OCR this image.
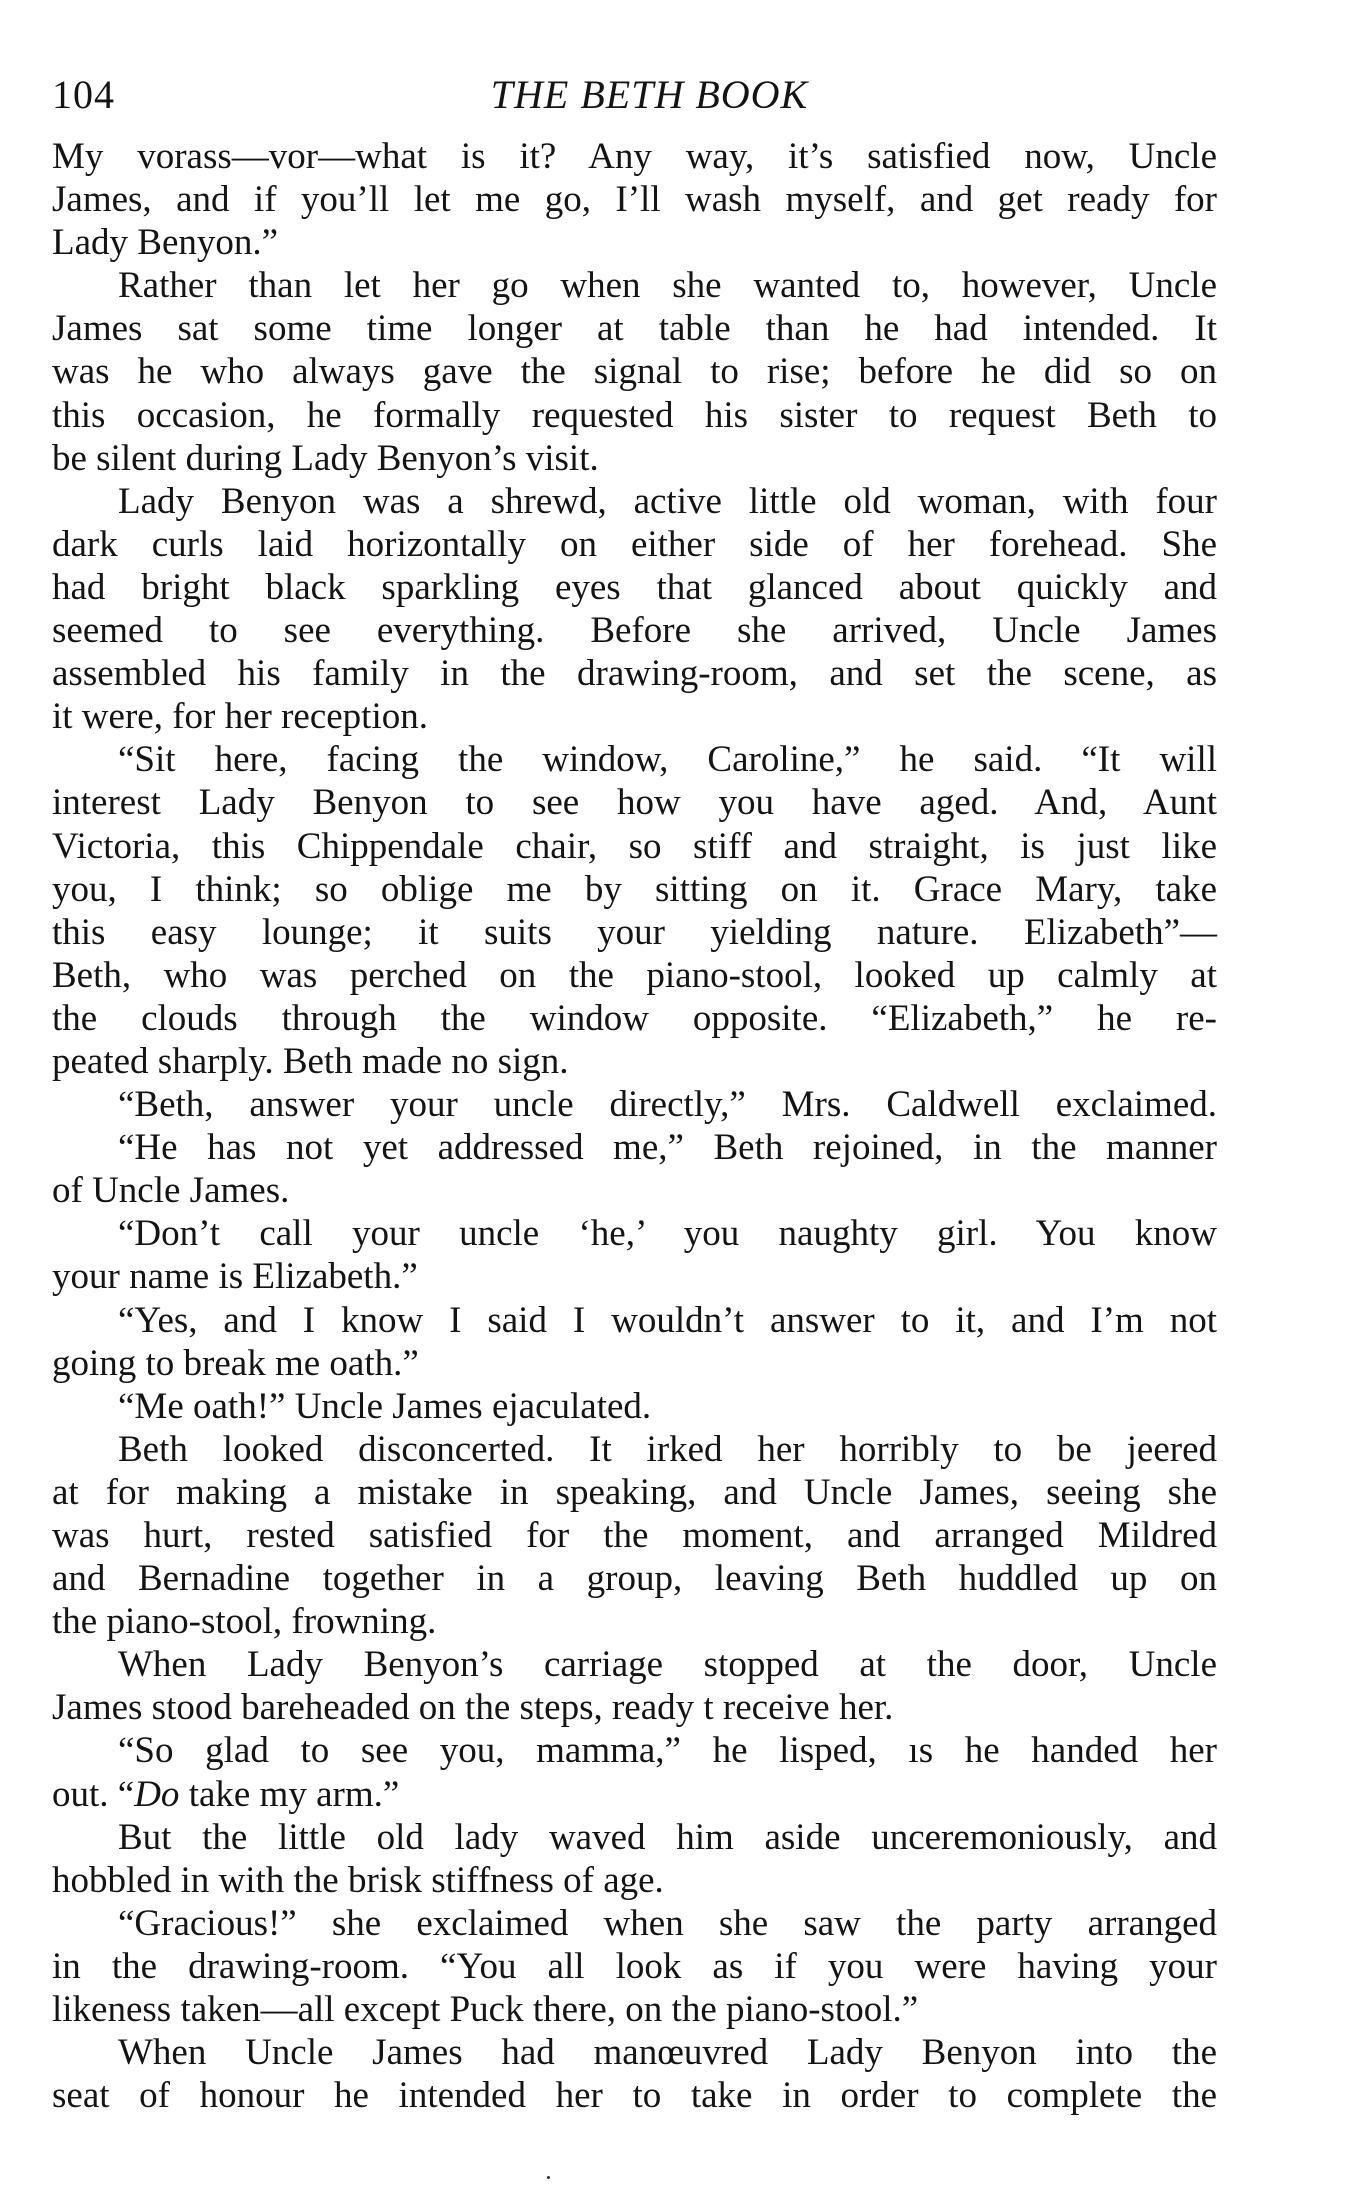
104	THE BETH BOOK
My vorass—vor—what is it? Any way, it’s satisfied now, Uncle
James, and if you’ll let me go, I’ll wash myself, and get ready for
Lady Benyon.”
Rather than let her go when she wanted to, however, Uncle
James sat some time longer at table than he had intended. It
was he who always gave the signal to rise; before he did so on
this occasion, he formally requested his sister to request Beth to
be silent during Lady Benyon’s visit.
Lady Benyon was a shrewd, active little old woman, with four
dark curls laid horizontally on either side of her forehead. She
had bright black sparkling eyes that glanced about quickly and
seemed to see everything. Before she arrived, Uncle James
assembled his family in the drawing-room, and set the scene, as
it were, for her reception.
“Sit here, facing the window, Caroline,” he said. “It will
interest Lady Benyon to see how you have aged. And, Aunt
Victoria, this Chippendale chair, so stiff and straight, is just like
you, I think; so oblige me by sitting on it. Grace Mary, take
this easy lounge; it suits your yielding nature. Elizabeth”—
Beth, who was perched on the piano-stool, looked up calmly at
the clouds through the window opposite. “Elizabeth,” he re-
peated sharply. Beth made no sign.
“Beth, answer your uncle directly,” Mrs. Caldwell exclaimed.
“He has not yet addressed me,” Beth rejoined, in the manner
of Uncle James.
“Don’t call your uncle ‘he,’ you naughty girl. You know
your name is Elizabeth.”
“Yes, and I know I said I wouldn’t answer to it, and I’m not
going to break me oath.”
“Me oath!” Uncle James ejaculated.
Beth looked disconcerted. It irked her horribly to be jeered
at for making a mistake in speaking, and Uncle James, seeing she
was hurt, rested satisfied for the moment, and arranged Mildred
and Bernadine together in a group, leaving Beth huddled up on
the piano-stool, frowning.
When Lady Benyon’s carriage stopped at the door, Uncle
James stood bareheaded on the steps, ready t receive her.
“So glad to see you, mamma,” he lisped, ıs he handed her
out. “Do take my arm.”
But the little old lady waved him aside unceremoniously, and
hobbled in with the brisk stiffness of age.
“Gracious!” she exclaimed when she saw the party arranged
in the drawing-room. “You all look as if you were having your
likeness taken—all except Puck there, on the piano-stool.”
When Uncle James had manœuvred Lady Benyon into the
seat of honour he intended her to take in order to complete the
